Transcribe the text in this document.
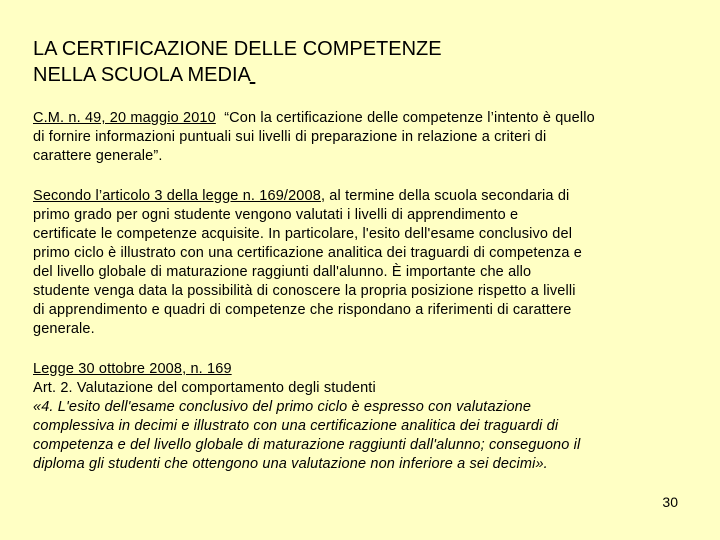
LA CERTIFICAZIONE DELLE COMPETENZE
NELLA SCUOLA MEDIA
C.M. n. 49, 20 maggio 2010  “Con la certificazione delle competenze l’intento è quello
di fornire informazioni puntuali sui livelli di preparazione in relazione a criteri di
carattere generale”.
Secondo l’articolo 3 della legge n. 169/2008, al termine della scuola secondaria di
primo grado per ogni studente vengono valutati i livelli di apprendimento e
certificate le competenze acquisite. In particolare, l'esito dell'esame conclusivo del
primo ciclo è illustrato con una certificazione analitica dei traguardi di competenza e
del livello globale di maturazione raggiunti dall'alunno. È importante che allo
studente venga data la possibilità di conoscere la propria posizione rispetto a livelli
di apprendimento e quadri di competenze che rispondano a riferimenti di carattere
generale.
Legge 30 ottobre 2008, n. 169
Art. 2. Valutazione del comportamento degli studenti
«4. L'esito dell'esame conclusivo del primo ciclo è espresso con valutazione
complessiva in decimi e illustrato con una certificazione analitica dei traguardi di
competenza e del livello globale di maturazione raggiunti dall'alunno; conseguono il
diploma gli studenti che ottengono una valutazione non inferiore a sei decimi».
30
